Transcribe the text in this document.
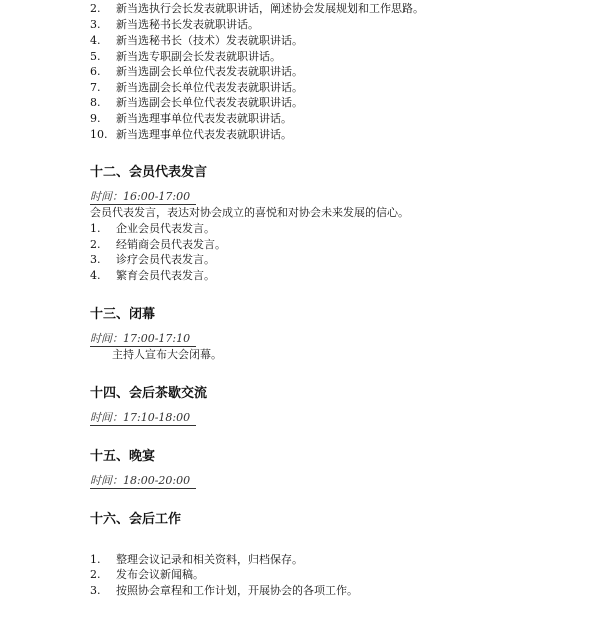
2. 新当选执行会长发表就职讲话，阐述协会发展规划和工作思路。
3. 新当选秘书长发表就职讲话。
4. 新当选秘书长（技术）发表就职讲话。
5. 新当选专职副会长发表就职讲话。
6. 新当选副会长单位代表发表就职讲话。
7. 新当选副会长单位代表发表就职讲话。
8. 新当选副会长单位代表发表就职讲话。
9. 新当选理事单位代表发表就职讲话。
10. 新当选理事单位代表发表就职讲话。
十二、会员代表发言
时间：16:00-17:00
会员代表发言，表达对协会成立的喜悦和对协会未来发展的信心。
1. 企业会员代表发言。
2. 经销商会员代表发言。
3. 诊疗会员代表发言。
4. 繁育会员代表发言。
十三、闭幕
时间：17:00-17:10
主持人宣布大会闭幕。
十四、会后茶歇交流
时间：17:10-18:00
十五、晚宴
时间：18:00-20:00
十六、会后工作
1. 整理会议记录和相关资料，归档保存。
2. 发布会议新闻稿。
3. 按照协会章程和工作计划，开展协会的各项工作。
